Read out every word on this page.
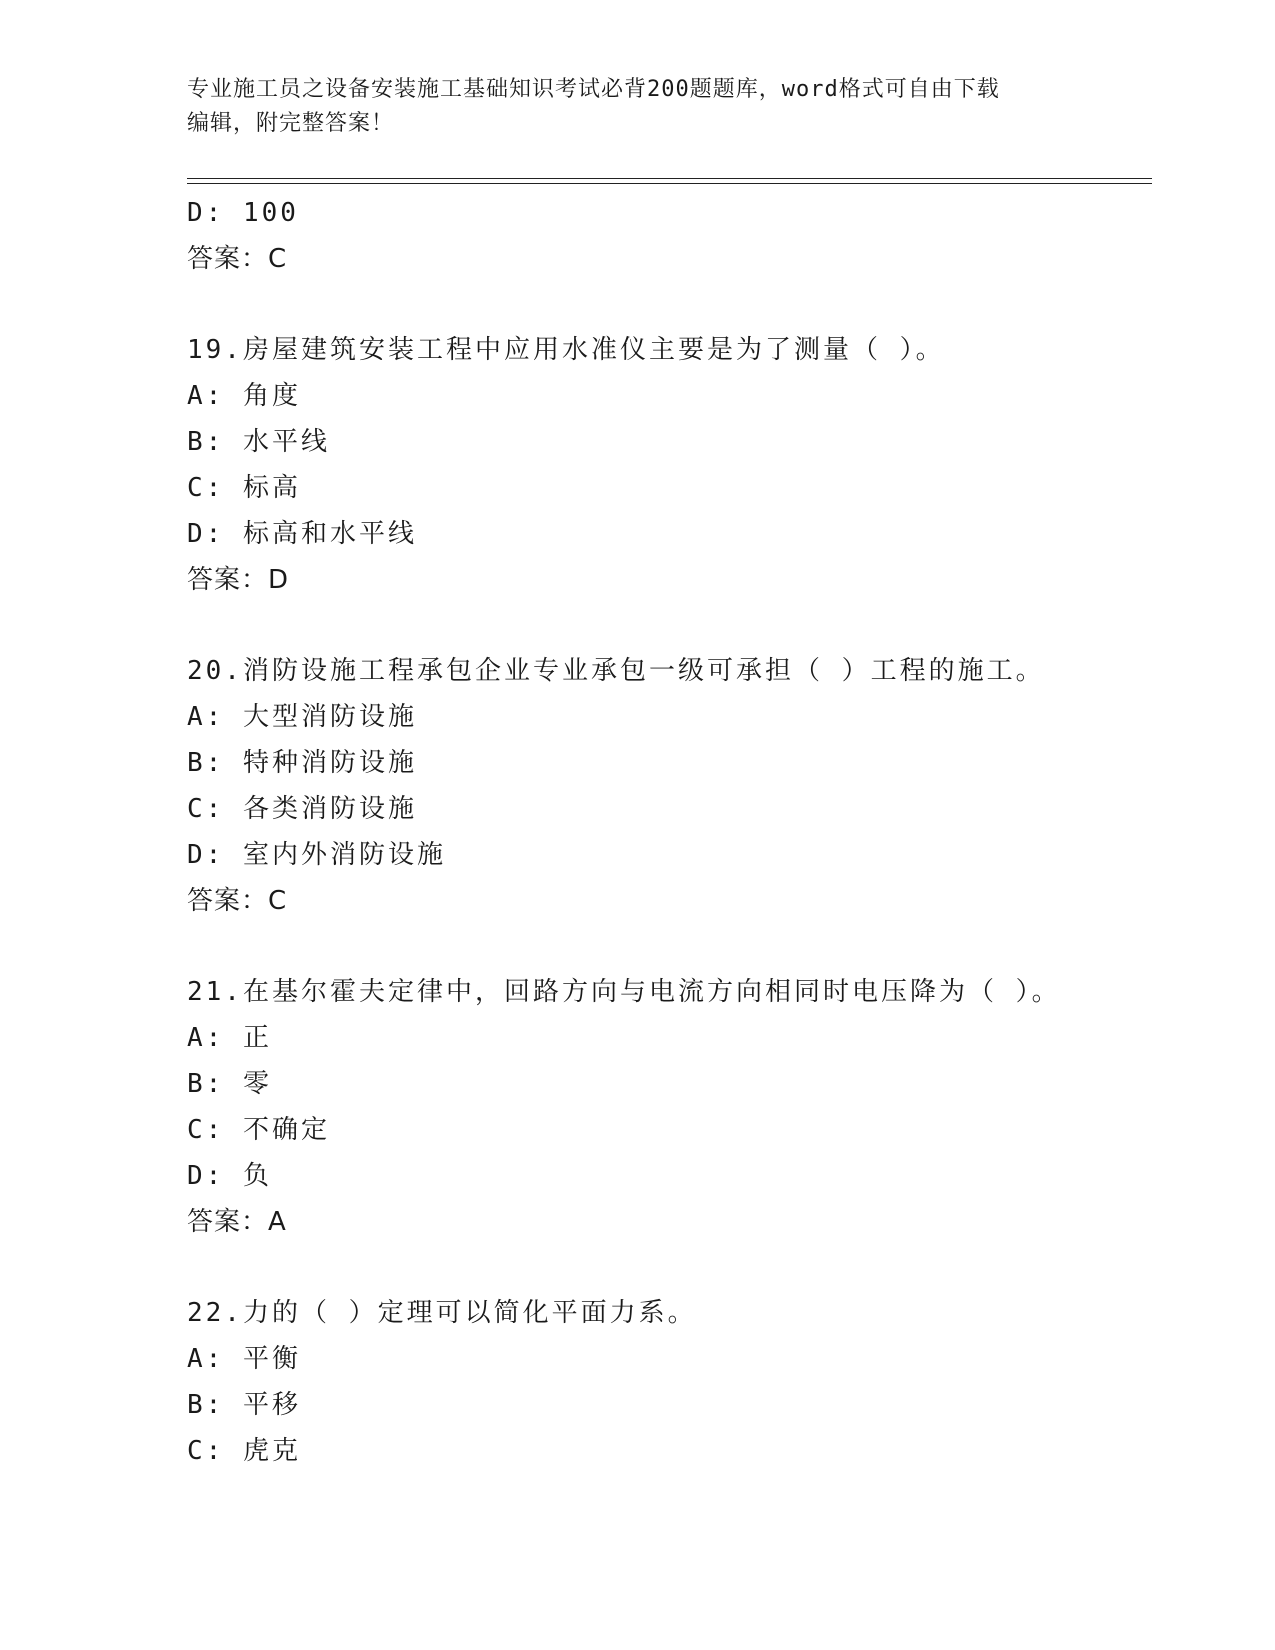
专业施工员之设备安装施工基础知识考试必背200题题库，word格式可自由下载
编辑，附完整答案！
D: 100
答案：C
19.房屋建筑安装工程中应用水准仪主要是为了测量（ ）。
A: 角度
B: 水平线
C: 标高
D: 标高和水平线
答案：D
20.消防设施工程承包企业专业承包一级可承担（ ）工程的施工。
A: 大型消防设施
B: 特种消防设施
C: 各类消防设施
D: 室内外消防设施
答案：C
21.在基尔霍夫定律中，回路方向与电流方向相同时电压降为（ ）。
A: 正
B: 零
C: 不确定
D: 负
答案：A
22.力的（ ）定理可以简化平面力系。
A: 平衡
B: 平移
C: 虎克
